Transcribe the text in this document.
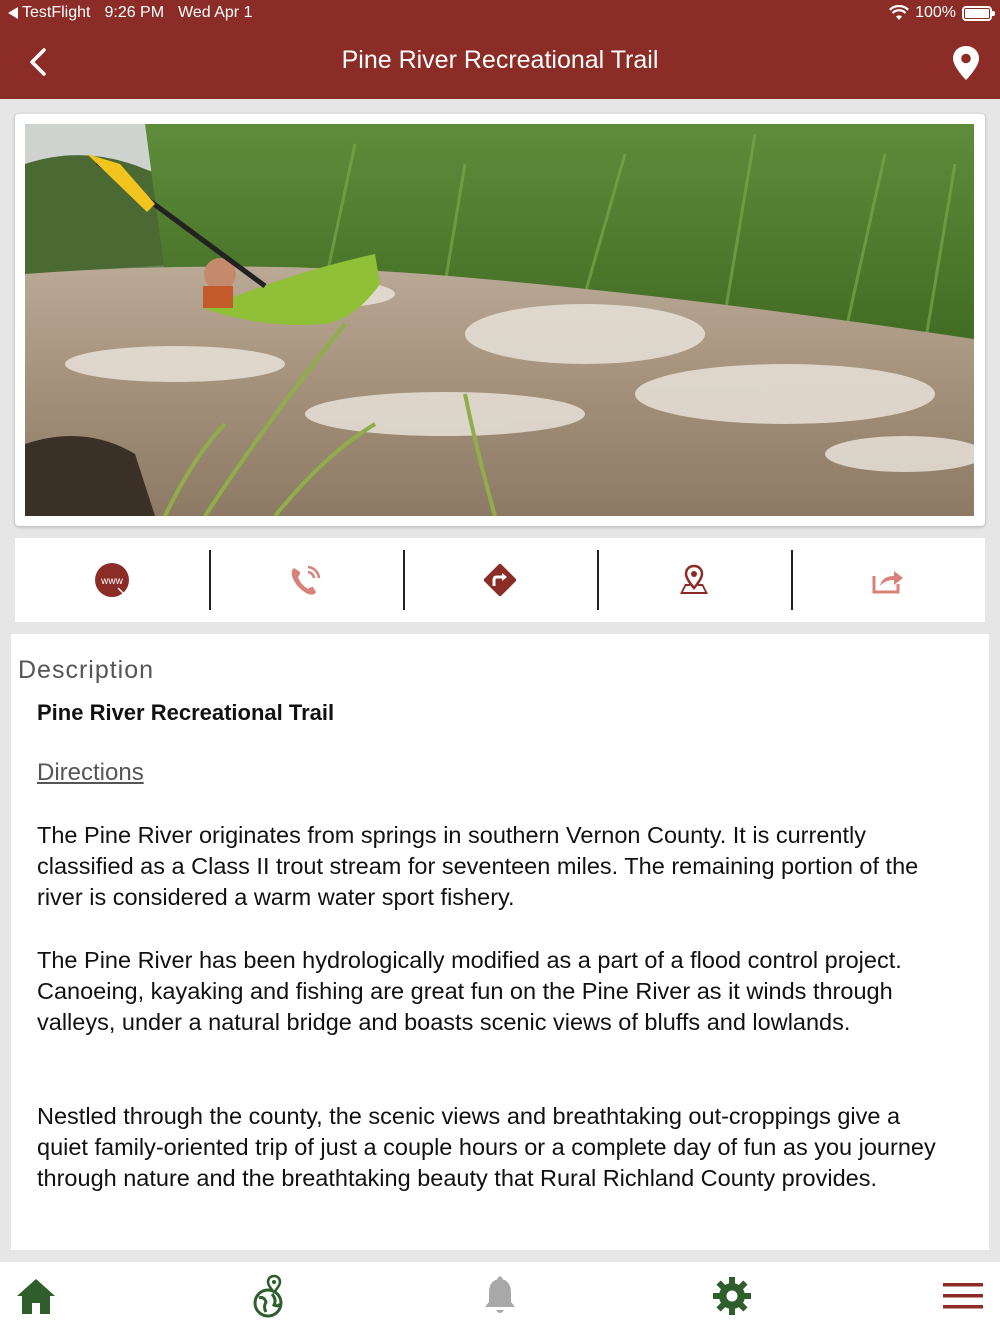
TestFlight 9:26 PM Wed Apr 1	100%
Pine River Recreational Trail
www
Description
Pine River Recreational Trail
Directions

The Pine River originates from springs in southern Vernon County. It is currently classified as a Class II trout stream for seventeen miles. The remaining portion of the river is considered a warm water sport fishery.

The Pine River has been hydrologically modified as a part of a flood control project. Canoeing, kayaking and fishing are great fun on the Pine River as it winds through valleys, under a natural bridge and boasts scenic views of bluffs and lowlands.

Nestled through the county, the scenic views and breathtaking out-croppings give a quiet family-oriented trip of just a couple hours or a complete day of fun as you journey through nature and the breathtaking beauty that Rural Richland County provides.
